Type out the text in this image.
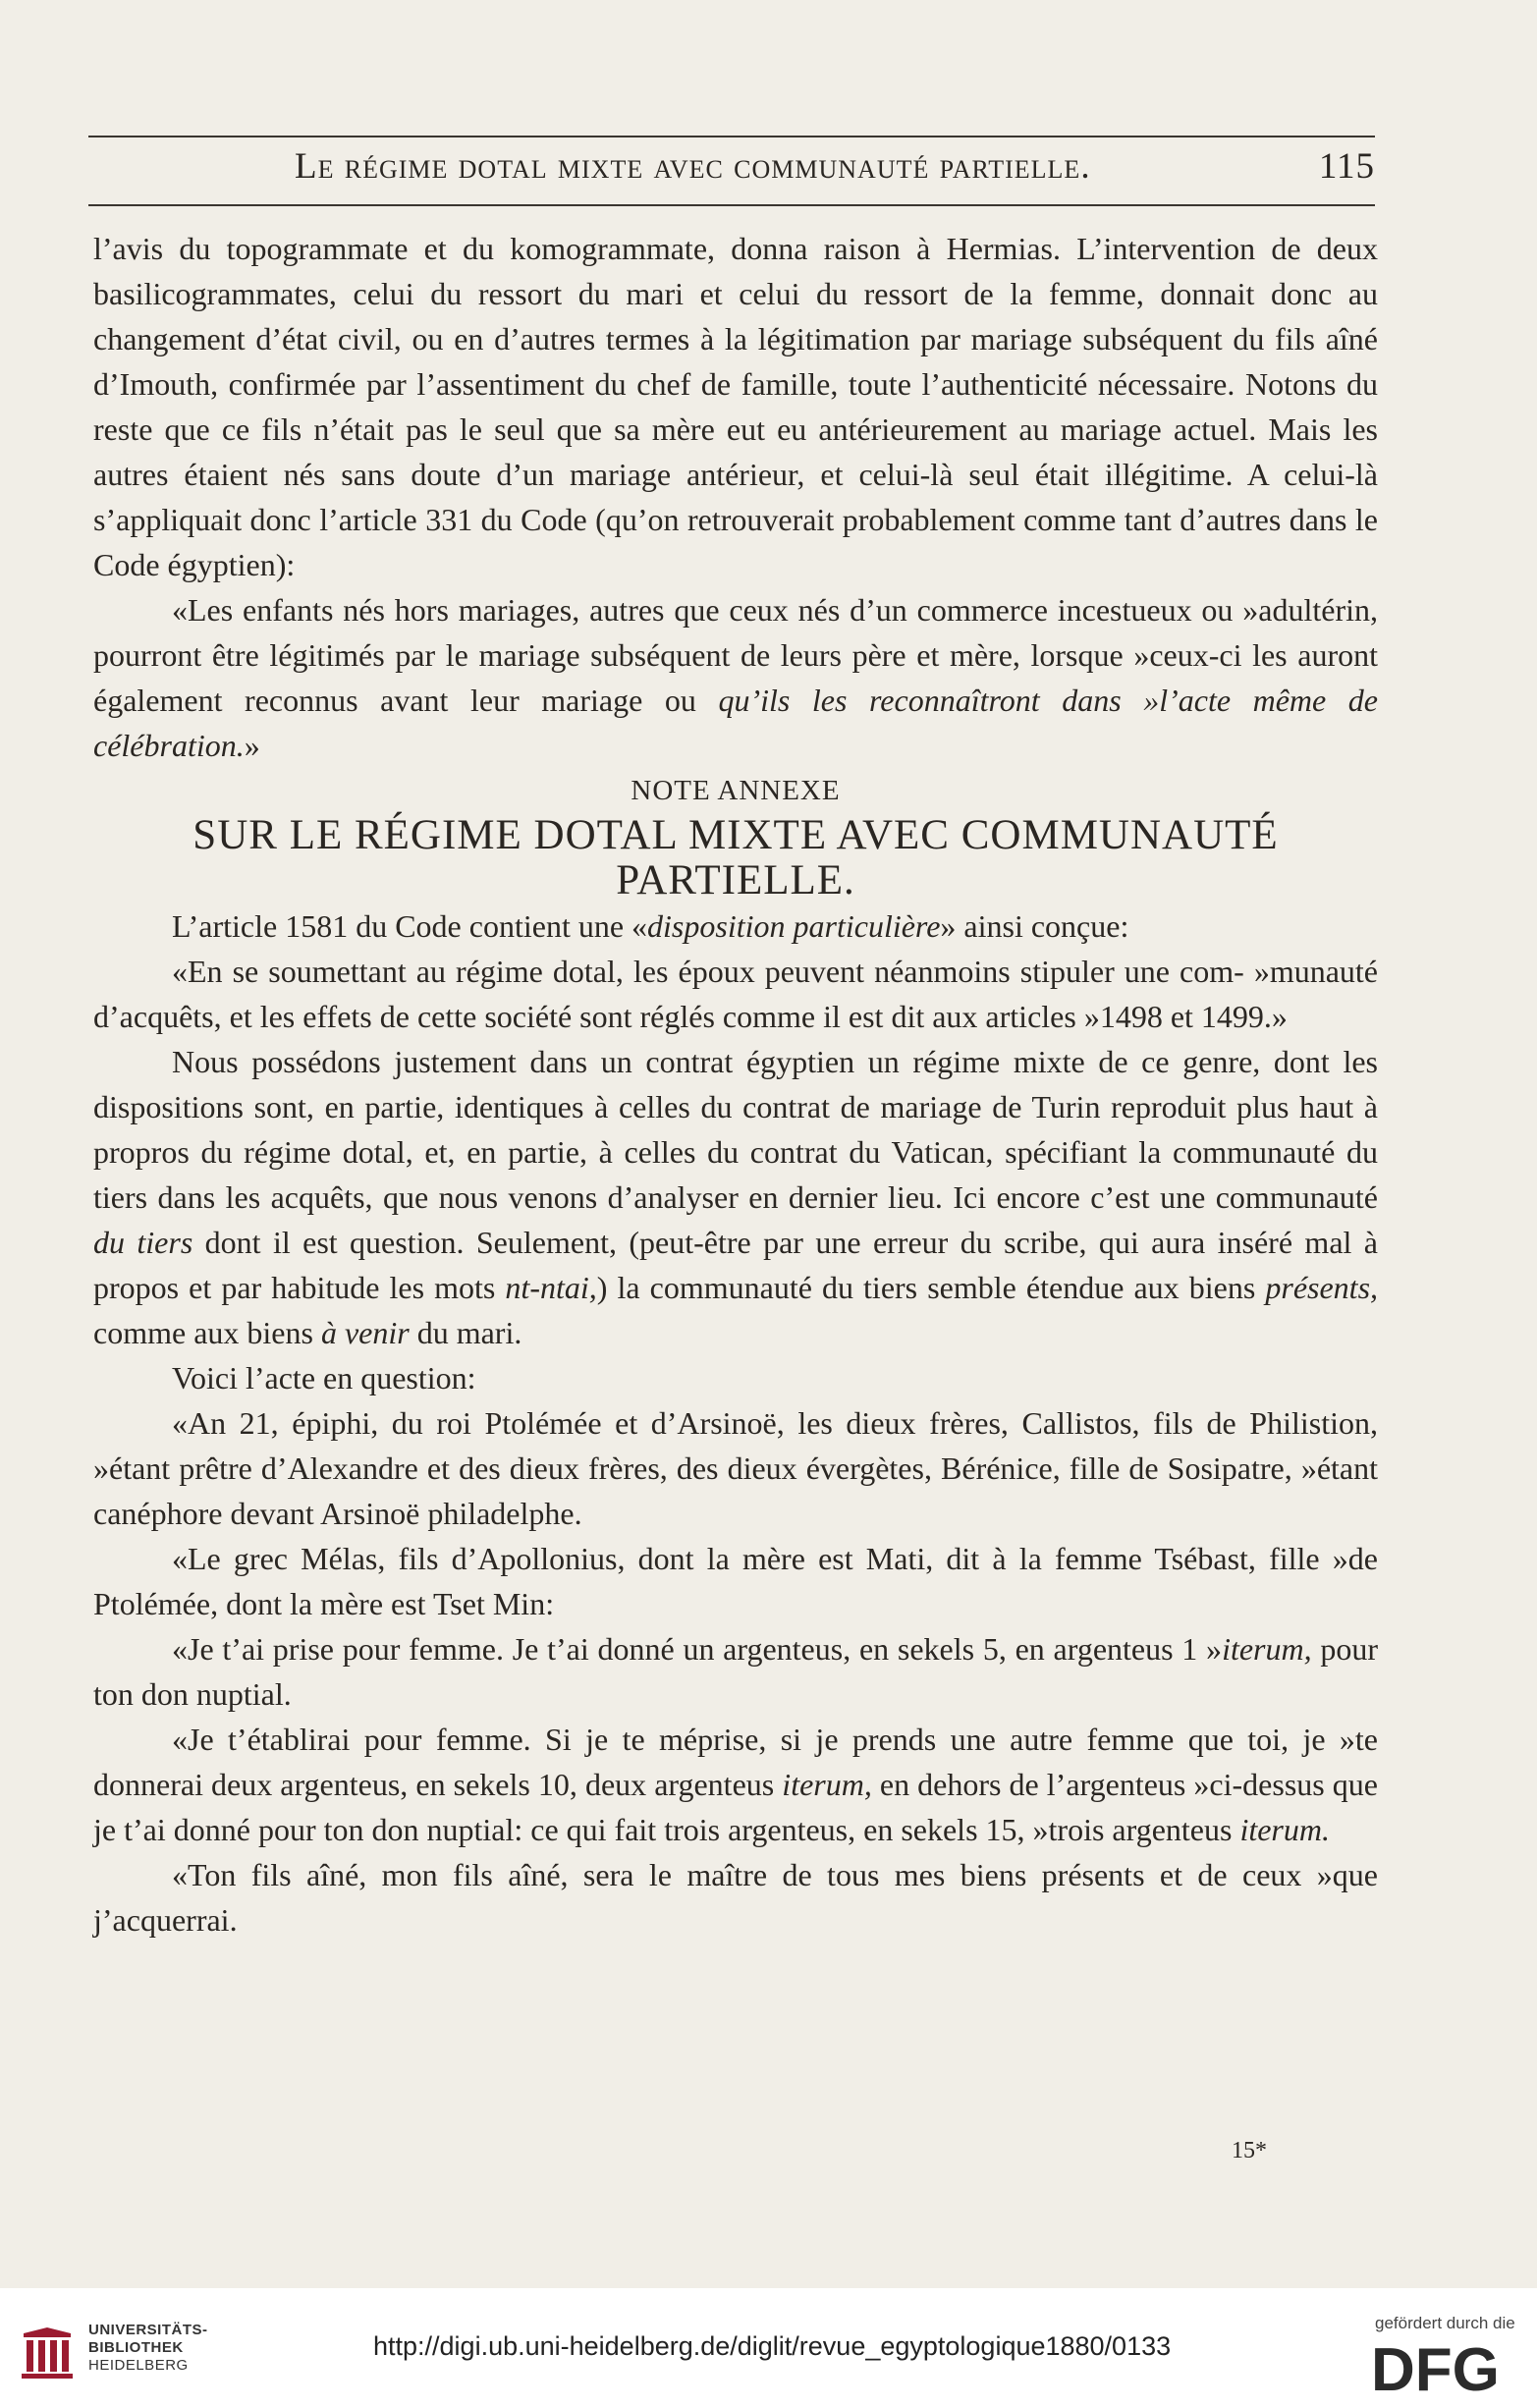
Le régime dotal mixte avec communauté partielle.	115

l’avis du topogrammate et du komogrammate, donna raison à Hermias. L’intervention de deux basilicogrammates, celui du ressort du mari et celui du ressort de la femme, donnait donc au changement d’état civil, ou en d’autres termes à la légitimation par mariage subséquent du fils aîné d’Imouth, confirmée par l’assentiment du chef de famille, toute l’authenticité nécessaire. Notons du reste que ce fils n’était pas le seul que sa mère eut eu antérieurement au mariage actuel. Mais les autres étaient nés sans doute d’un mariage antérieur, et celui-là seul était illégitime. A celui-là s’appliquait donc l’article 331 du Code (qu’on retrouverait probablement comme tant d’autres dans le Code égyptien):

«Les enfants nés hors mariages, autres que ceux nés d’un commerce incestueux ou »adultérin, pourront être légitimés par le mariage subséquent de leurs père et mère, lorsque »ceux-ci les auront également reconnus avant leur mariage ou qu’ils les reconnaîtront dans »l’acte même de célébration.»

NOTE ANNEXE

SUR LE RÉGIME DOTAL MIXTE AVEC COMMUNAUTÉ PARTIELLE.

L’article 1581 du Code contient une «disposition particulière» ainsi conçue:

«En se soumettant au régime dotal, les époux peuvent néanmoins stipuler une com- »munauté d’acquêts, et les effets de cette société sont réglés comme il est dit aux articles »1498 et 1499.»

Nous possédons justement dans un contrat égyptien un régime mixte de ce genre, dont les dispositions sont, en partie, identiques à celles du contrat de mariage de Turin reproduit plus haut à propros du régime dotal, et, en partie, à celles du contrat du Vatican, spécifiant la communauté du tiers dans les acquêts, que nous venons d’analyser en dernier lieu. Ici encore c’est une communauté du tiers dont il est question. Seulement, (peut-être par une erreur du scribe, qui aura inséré mal à propos et par habitude les mots nt-ntai,) la communauté du tiers semble étendue aux biens présents, comme aux biens à venir du mari.

Voici l’acte en question:

«An 21, épiphi, du roi Ptolémée et d’Arsinoë, les dieux frères, Callistos, fils de Philistion, »étant prêtre d’Alexandre et des dieux frères, des dieux évergètes, Bérénice, fille de Sosipatre, »étant canéphore devant Arsinoë philadelphe.

«Le grec Mélas, fils d’Apollonius, dont la mère est Mati, dit à la femme Tsébast, fille »de Ptolémée, dont la mère est Tset Min:

«Je t’ai prise pour femme. Je t’ai donné un argenteus, en sekels 5, en argenteus 1 »iterum, pour ton don nuptial.

«Je t’établirai pour femme. Si je te méprise, si je prends une autre femme que toi, je »te donnerai deux argenteus, en sekels 10, deux argenteus iterum, en dehors de l’argenteus »ci-dessus que je t’ai donné pour ton don nuptial: ce qui fait trois argenteus, en sekels 15, »trois argenteus iterum.

«Ton fils aîné, mon fils aîné, sera le maître de tous mes biens présents et de ceux »que j’acquerrai.

15*
UNIVERSITÄTS-
BIBLIOTHEK
HEIDELBERG
http://digi.ub.uni-heidelberg.de/diglit/revue_egyptologique1880/0133
gefördert durch die
DFG
